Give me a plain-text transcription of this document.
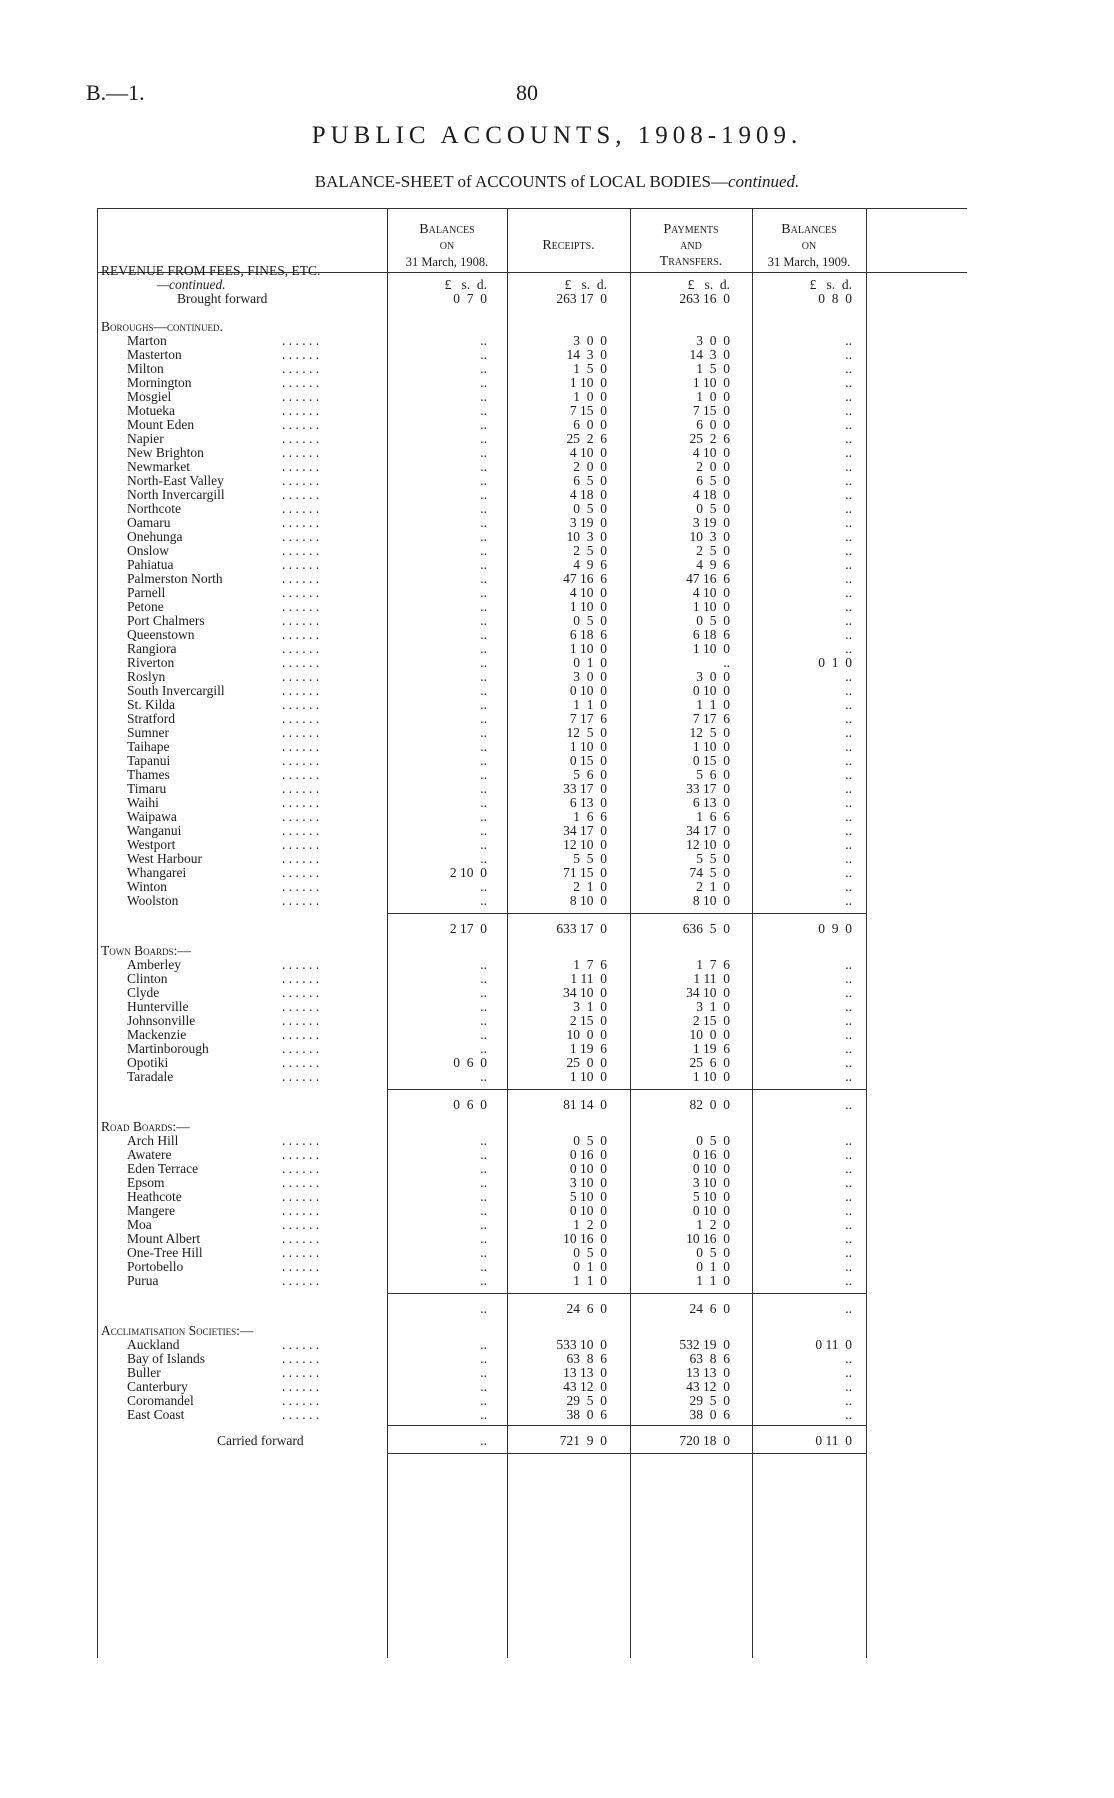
B.—1.	80
PUBLIC ACCOUNTS, 1908-1909.
BALANCE-SHEET of ACCOUNTS of LOCAL BODIES—continued.
Balances
on
31 March, 1908.
Receipts.
Payments
and
Transfers.
Balances
on
31 March, 1909.
REVENUE FROM FEES, FINES, ETC.
—continued.	£   s.  d.	£   s.  d.	£   s.  d.	£   s.  d.
Brought forward	0  7  0	263 17  0	263 16  0	0  8  0
Boroughs—continued.
Marton	. . . . . .	..	3  0  0	3  0  0	..
Masterton	. . . . . .	..	14  3  0	14  3  0	..
Milton	. . . . . .	..	1  5  0	1  5  0	..
Mornington	. . . . . .	..	1 10  0	1 10  0	..
Mosgiel	. . . . . .	..	1  0  0	1  0  0	..
Motueka	. . . . . .	..	7 15  0	7 15  0	..
Mount Eden	. . . . . .	..	6  0  0	6  0  0	..
Napier	. . . . . .	..	25  2  6	25  2  6	..
New Brighton	. . . . . .	..	4 10  0	4 10  0	..
Newmarket	. . . . . .	..	2  0  0	2  0  0	..
North-East Valley	. . . . . .	..	6  5  0	6  5  0	..
North Invercargill	. . . . . .	..	4 18  0	4 18  0	..
Northcote	. . . . . .	..	0  5  0	0  5  0	..
Oamaru	. . . . . .	..	3 19  0	3 19  0	..
Onehunga	. . . . . .	..	10  3  0	10  3  0	..
Onslow	. . . . . .	..	2  5  0	2  5  0	..
Pahiatua	. . . . . .	..	4  9  6	4  9  6	..
Palmerston North	. . . . . .	..	47 16  6	47 16  6	..
Parnell	. . . . . .	..	4 10  0	4 10  0	..
Petone	. . . . . .	..	1 10  0	1 10  0	..
Port Chalmers	. . . . . .	..	0  5  0	0  5  0	..
Queenstown	. . . . . .	..	6 18  6	6 18  6	..
Rangiora	. . . . . .	..	1 10  0	1 10  0	..
Riverton	. . . . . .	..	0  1  0	..	0  1  0
Roslyn	. . . . . .	..	3  0  0	3  0  0	..
South Invercargill	. . . . . .	..	0 10  0	0 10  0	..
St. Kilda	. . . . . .	..	1  1  0	1  1  0	..
Stratford	. . . . . .	..	7 17  6	7 17  6	..
Sumner	. . . . . .	..	12  5  0	12  5  0	..
Taihape	. . . . . .	..	1 10  0	1 10  0	..
Tapanui	. . . . . .	..	0 15  0	0 15  0	..
Thames	. . . . . .	..	5  6  0	5  6  0	..
Timaru	. . . . . .	..	33 17  0	33 17  0	..
Waihi	. . . . . .	..	6 13  0	6 13  0	..
Waipawa	. . . . . .	..	1  6  6	1  6  6	..
Wanganui	. . . . . .	..	34 17  0	34 17  0	..
Westport	. . . . . .	..	12 10  0	12 10  0	..
West Harbour	. . . . . .	..	5  5  0	5  5  0	..
Whangarei	. . . . . .	2 10  0	71 15  0	74  5  0	..
Winton	. . . . . .	..	2  1  0	2  1  0	..
Woolston	. . . . . .	..	8 10  0	8 10  0	..
2 17  0	633 17  0	636  5  0	0  9  0
Town Boards:—
Amberley	. . . . . .	..	1  7  6	1  7  6	..
Clinton	. . . . . .	..	1 11  0	1 11  0	..
Clyde	. . . . . .	..	34 10  0	34 10  0	..
Hunterville	. . . . . .	..	3  1  0	3  1  0	..
Johnsonville	. . . . . .	..	2 15  0	2 15  0	..
Mackenzie	. . . . . .	..	10  0  0	10  0  0	..
Martinborough	. . . . . .	..	1 19  6	1 19  6	..
Opotiki	. . . . . .	0  6  0	25  0  0	25  6  0	..
Taradale	. . . . . .	..	1 10  0	1 10  0	..
0  6  0	81 14  0	82  0  0	..
Road Boards:—
Arch Hill	. . . . . .	..	0  5  0	0  5  0	..
Awatere	. . . . . .	..	0 16  0	0 16  0	..
Eden Terrace	. . . . . .	..	0 10  0	0 10  0	..
Epsom	. . . . . .	..	3 10  0	3 10  0	..
Heathcote	. . . . . .	..	5 10  0	5 10  0	..
Mangere	. . . . . .	..	0 10  0	0 10  0	..
Moa	. . . . . .	..	1  2  0	1  2  0	..
Mount Albert	. . . . . .	..	10 16  0	10 16  0	..
One-Tree Hill	. . . . . .	..	0  5  0	0  5  0	..
Portobello	. . . . . .	..	0  1  0	0  1  0	..
Purua	. . . . . .	..	1  1  0	1  1  0	..
..	24  6  0	24  6  0	..
Acclimatisation Societies:—
Auckland	. . . . . .	..	533 10  0	532 19  0	0 11  0
Bay of Islands	. . . . . .	..	63  8  6	63  8  6	..
Buller	. . . . . .	..	13 13  0	13 13  0	..
Canterbury	. . . . . .	..	43 12  0	43 12  0	..
Coromandel	. . . . . .	..	29  5  0	29  5  0	..
East Coast	. . . . . .	..	38  0  6	38  0  6	..
Carried forward	..	721  9  0	720 18  0	0 11  0
